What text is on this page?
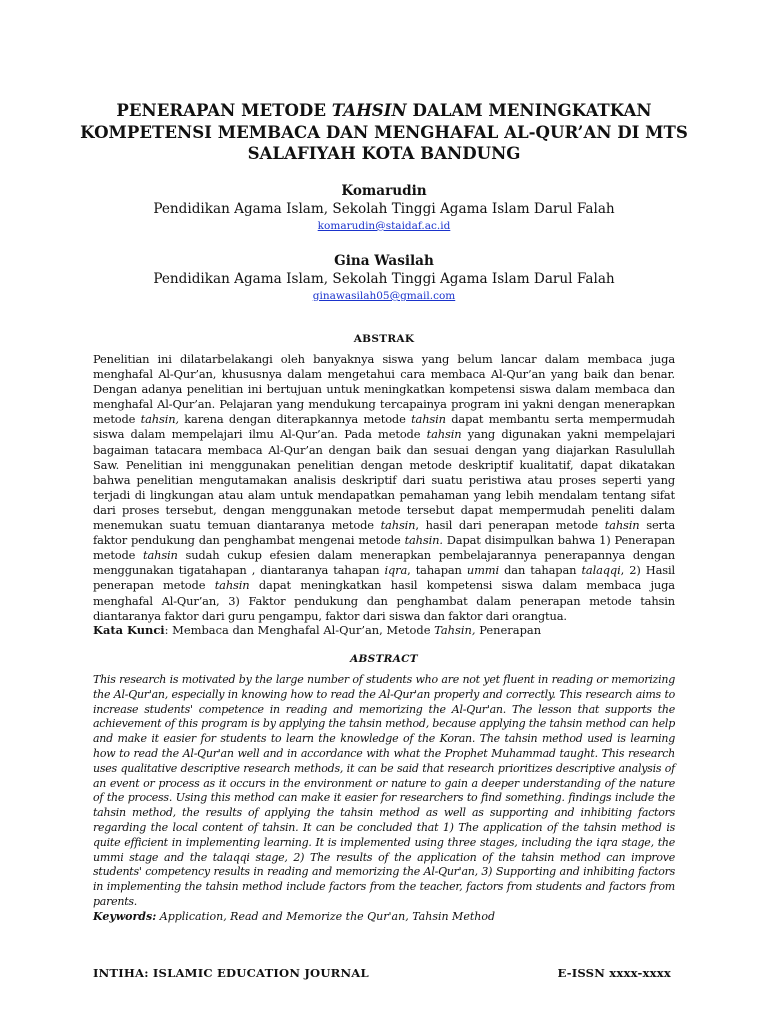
PENERAPAN METODE TAHSIN DALAM MENINGKATKAN KOMPETENSI MEMBACA DAN MENGHAFAL AL-QUR’AN DI MTS SALAFIYAH KOTA BANDUNG
Komarudin
Pendidikan Agama Islam, Sekolah Tinggi Agama Islam Darul Falah
komarudin@staidaf.ac.id
Gina Wasilah
Pendidikan Agama Islam, Sekolah Tinggi Agama Islam Darul Falah
ginawasilah05@gmail.com
ABSTRAK
Penelitian ini dilatarbelakangi oleh banyaknya siswa yang belum lancar dalam membaca juga menghafal Al-Qur’an, khususnya dalam mengetahui cara membaca Al-Qur’an yang baik dan benar. Dengan adanya penelitian ini bertujuan untuk meningkatkan kompetensi siswa dalam membaca dan menghafal Al-Qur’an. Pelajaran yang mendukung tercapainya program ini yakni dengan menerapkan metode tahsin, karena dengan diterapkannya metode tahsin dapat membantu serta mempermudah siswa dalam mempelajari ilmu Al-Qur’an. Pada metode tahsin yang digunakan yakni mempelajari bagaiman tatacara membaca Al-Qur’an dengan baik dan sesuai dengan yang diajarkan Rasulullah Saw. Penelitian ini menggunakan penelitian dengan metode deskriptif kualitatif, dapat dikatakan bahwa penelitian mengutamakan analisis deskriptif dari suatu peristiwa atau proses seperti yang terjadi di lingkungan atau alam untuk mendapatkan pemahaman yang lebih mendalam tentang sifat dari proses tersebut, dengan menggunakan metode tersebut dapat mempermudah peneliti dalam menemukan suatu temuan diantaranya metode tahsin, hasil dari penerapan metode tahsin serta faktor pendukung dan penghambat mengenai metode tahsin. Dapat disimpulkan bahwa 1) Penerapan metode tahsin sudah cukup efesien dalam menerapkan pembelajarannya penerapannya dengan menggunakan tigatahapan , diantaranya tahapan iqra, tahapan ummi dan tahapan talaqqi, 2) Hasil penerapan metode tahsin dapat meningkatkan hasil kompetensi siswa dalam membaca juga menghafal Al-Qur’an, 3) Faktor pendukung dan penghambat dalam penerapan metode tahsin diantaranya faktor dari guru pengampu, faktor dari siswa dan faktor dari orangtua.
Kata Kunci: Membaca dan Menghafal Al-Qur’an, Metode Tahsin, Penerapan
ABSTRACT
This research is motivated by the large number of students who are not yet fluent in reading or memorizing the Al-Qur'an, especially in knowing how to read the Al-Qur'an properly and correctly. This research aims to increase students' competence in reading and memorizing the Al-Qur'an. The lesson that supports the achievement of this program is by applying the tahsin method, because applying the tahsin method can help and make it easier for students to learn the knowledge of the Koran. The tahsin method used is learning how to read the Al-Qur'an well and in accordance with what the Prophet Muhammad taught. This research uses qualitative descriptive research methods, it can be said that research prioritizes descriptive analysis of an event or process as it occurs in the environment or nature to gain a deeper understanding of the nature of the process. Using this method can make it easier for researchers to find something. findings include the tahsin method, the results of applying the tahsin method as well as supporting and inhibiting factors regarding the local content of tahsin. It can be concluded that 1) The application of the tahsin method is quite efficient in implementing learning. It is implemented using three stages, including the iqra stage, the ummi stage and the talaqqi stage, 2) The results of the application of the tahsin method can improve students' competency results in reading and memorizing the Al-Qur'an, 3) Supporting and inhibiting factors in implementing the tahsin method include factors from the teacher, factors from students and factors from parents.
Keywords: Application, Read and Memorize the Qur'an, Tahsin Method
INTIHA: ISLAMIC EDUCATION JOURNAL	E-ISSN xxxx-xxxx
